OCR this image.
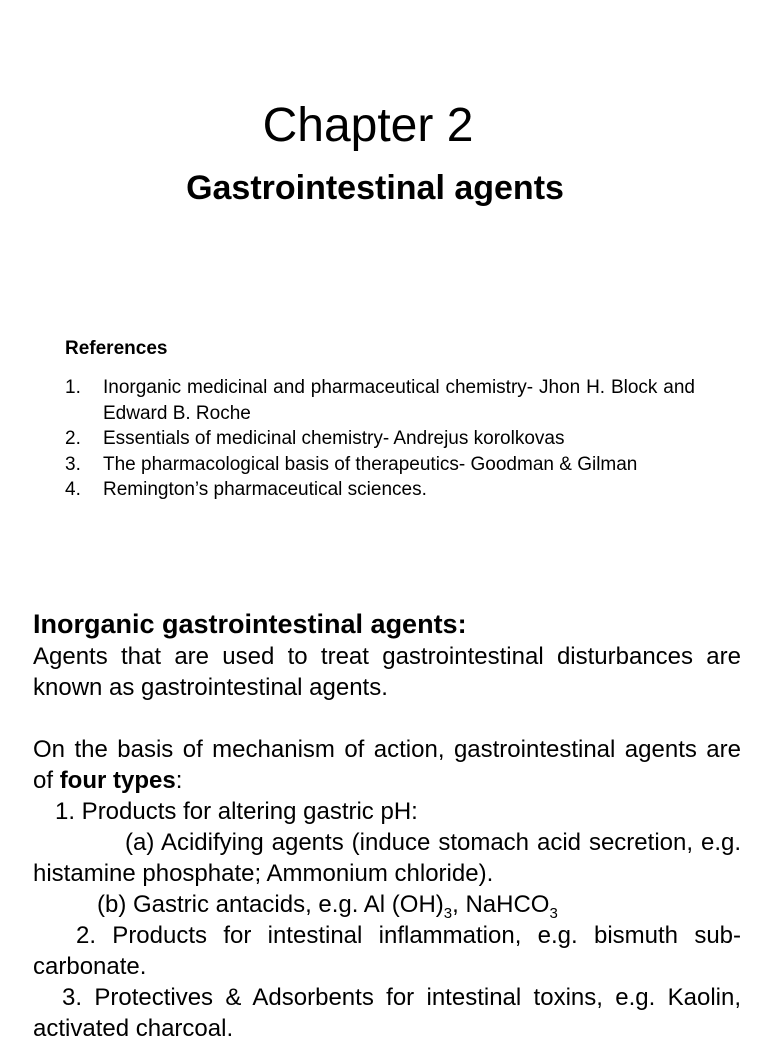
Chapter 2
Gastrointestinal agents
References
1.	Inorganic medicinal and pharmaceutical chemistry- Jhon H. Block and Edward B. Roche
2.	Essentials of medicinal chemistry- Andrejus korolkovas
3.	The pharmacological basis of therapeutics- Goodman & Gilman
4.	Remington’s pharmaceutical sciences.
Inorganic gastrointestinal agents:
Agents that are used to treat gastrointestinal disturbances are known as gastrointestinal agents.
On the basis of mechanism of action, gastrointestinal agents are of four types:
1. Products for altering gastric pH:
(a) Acidifying agents (induce stomach acid secretion, e.g. histamine phosphate; Ammonium chloride).
(b) Gastric antacids, e.g. Al $(OH)_3$, NaHCO$_3$
2. Products for intestinal inflammation, e.g. bismuth sub-carbonate.
3. Protectives & Adsorbents for intestinal toxins, e.g. Kaolin, activated charcoal.
